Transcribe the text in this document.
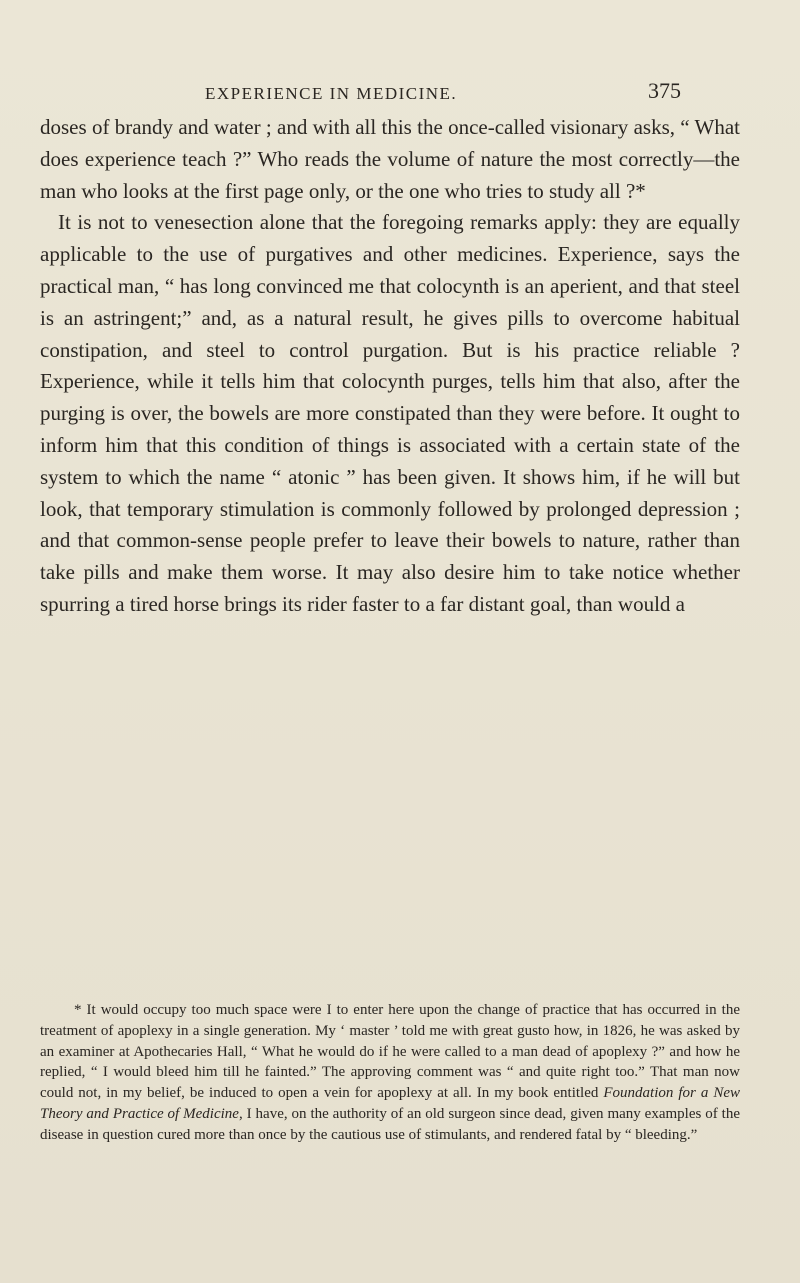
EXPERIENCE IN MEDICINE.	375

doses of brandy and water ; and with all this the once-called visionary asks, “ What does experience teach ?” Who reads the volume of nature the most correctly—the man who looks at the first page only, or the one who tries to study all ?*

It is not to venesection alone that the foregoing remarks apply: they are equally applicable to the use of purgatives and other medicines. Experience, says the practical man, “ has long convinced me that colocynth is an aperient, and that steel is an astringent;” and, as a natural result, he gives pills to overcome habitual constipation, and steel to control purgation. But is his practice reliable ? Experience, while it tells him that colocynth purges, tells him that also, after the purging is over, the bowels are more constipated than they were before. It ought to inform him that this condition of things is associated with a certain state of the system to which the name “ atonic ” has been given. It shows him, if he will but look, that temporary stimulation is commonly followed by prolonged depression ; and that common-sense people prefer to leave their bowels to nature, rather than take pills and make them worse. It may also desire him to take notice whether spurring a tired horse brings its rider faster to a far distant goal, than would a

* It would occupy too much space were I to enter here upon the change of practice that has occurred in the treatment of apoplexy in a single generation. My ‘ master ’ told me with great gusto how, in 1826, he was asked by an examiner at Apothecaries Hall, “ What he would do if he were called to a man dead of apoplexy ?” and how he replied, “ I would bleed him till he fainted.” The approving comment was “ and quite right too.” That man now could not, in my belief, be induced to open a vein for apoplexy at all. In my book entitled Foundation for a New Theory and Practice of Medicine, I have, on the authority of an old surgeon since dead, given many examples of the disease in question cured more than once by the cautious use of stimulants, and rendered fatal by “ bleeding.”
